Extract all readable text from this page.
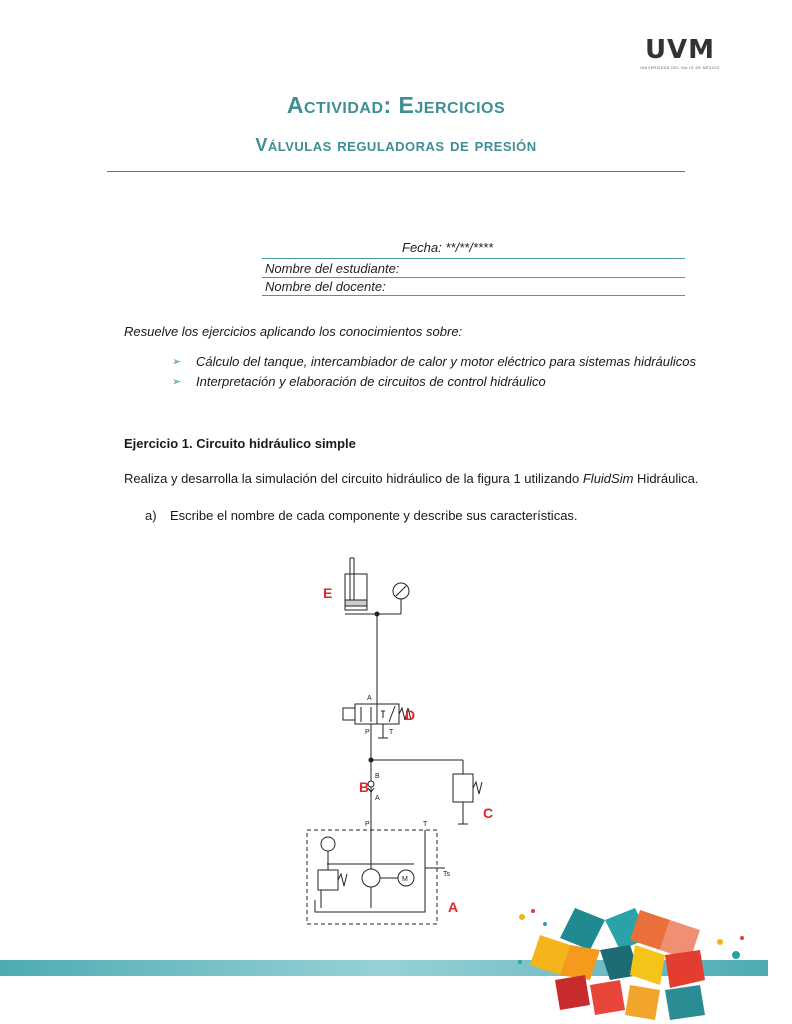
UVM
UNIVERSIDAD DEL VALLE DE MÉXICO
Actividad: Ejercicios
Válvulas reguladoras de presión
Fecha: **/**/****
Nombre del estudiante:
Nombre del docente:
Resuelve los ejercicios aplicando los conocimientos sobre:
➢ Cálculo del tanque, intercambiador de calor y motor eléctrico para sistemas hidráulicos
➢ Interpretación y elaboración de circuitos de control hidráulico
Ejercicio 1. Circuito hidráulico simple
Realiza y desarrolla la simulación del circuito hidráulico de la figura 1 utilizando FluidSim Hidráulica.
a) Escribe el nombre de cada componente y describe sus características.
A
P	T
B
A
P	T
Ts
M
E
D
B
C
A
